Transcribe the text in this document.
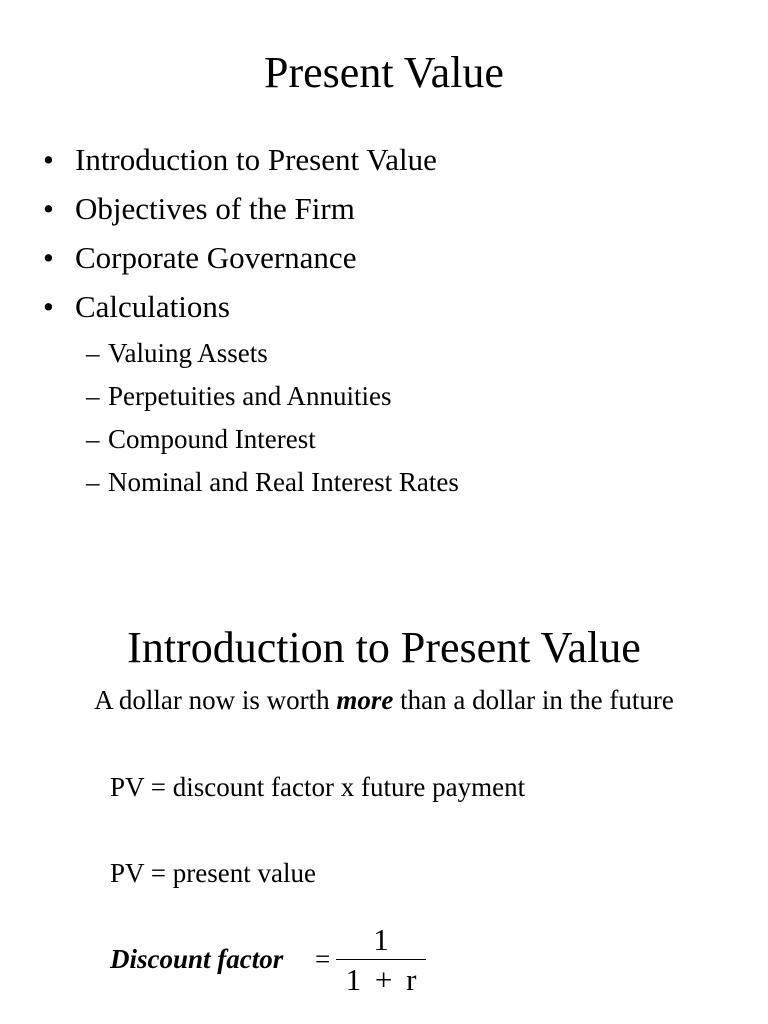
Present Value
• Introduction to Present Value
• Objectives of the Firm
• Corporate Governance
• Calculations
– Valuing Assets
– Perpetuities and Annuities
– Compound Interest
– Nominal and Real Interest Rates
Introduction to Present Value
A dollar now is worth more than a dollar in the future
PV = discount factor x future payment
PV = present value
Discount factor =
1
1 + r
